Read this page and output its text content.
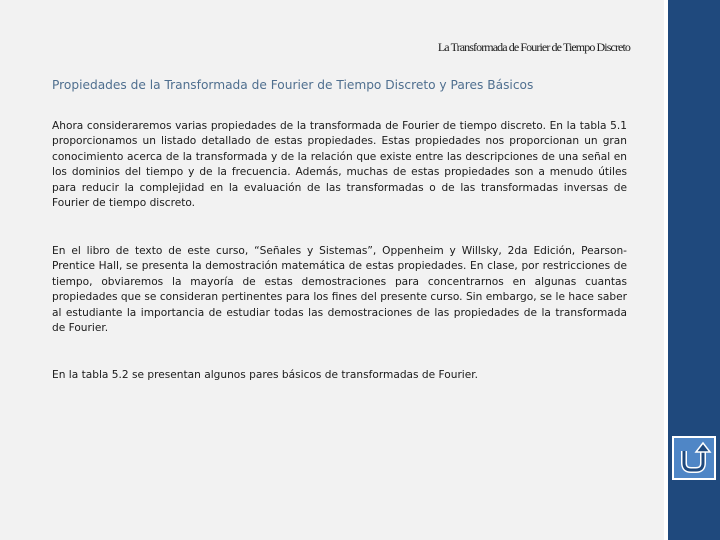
La Transformada de Fourier de Tiempo Discreto
Propiedades de la Transformada de Fourier de Tiempo Discreto y Pares Básicos

Ahora consideraremos varias propiedades de la transformada de Fourier de tiempo discreto. En la tabla 5.1 proporcionamos un listado detallado de estas propiedades. Estas propiedades nos proporcionan un gran conocimiento acerca de la transformada y de la relación que existe entre las descripciones de una señal en los dominios del tiempo y de la frecuencia. Además, muchas de estas propiedades son a menudo útiles para reducir la complejidad en la evaluación de las transformadas o de las transformadas inversas de Fourier de tiempo discreto.

En el libro de texto de este curso, “Señales y Sistemas”, Oppenheim y Willsky, 2da Edición, Pearson-Prentice Hall, se presenta la demostración matemática de estas propiedades. En clase, por restricciones de tiempo, obviaremos la mayoría de estas demostraciones para concentrarnos en algunas cuantas propiedades que se consideran pertinentes para los fines del presente curso. Sin embargo, se le hace saber al estudiante la importancia de estudiar todas las demostraciones de las propiedades de la transformada de Fourier.

En la tabla 5.2 se presentan algunos pares básicos de transformadas de Fourier.
